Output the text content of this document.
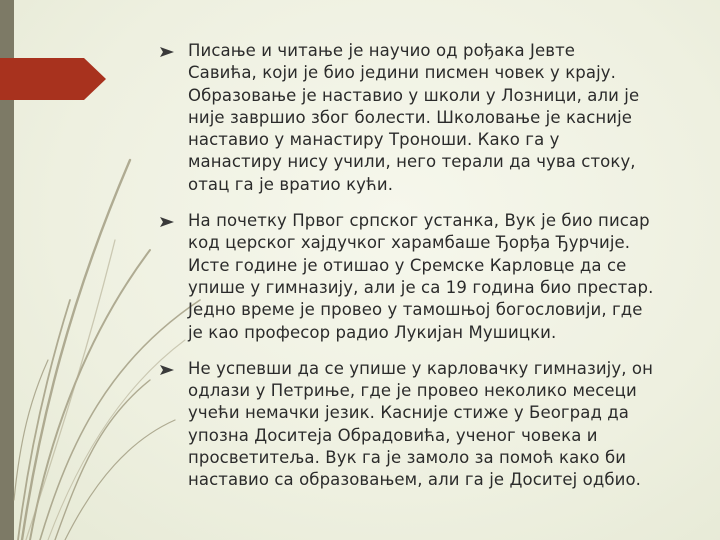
Писање и читање је научио од рођака Јевте
Савића, који је био једини писмен човек у крају.
Образовање је наставио у школи у Лозници, али је
није завршио због болести. Школовање је касније
наставио у манастиру Троноши. Како га у
манастиру нису учили, него терали да чува стоку,
отац га је вратио кући.
На почетку Првог српског устанка, Вук је био писар
код церског хајдучког харамбаше Ђорђа Ђурчије.
Исте године је отишао у Сремске Карловце да се
упише у гимназију, али је са 19 година био престар.
Једно време је провео у тамошњој богословији, где
је као професор радио Лукијан Мушицки.
Не успевши да се упише у карловачку гимназију, он
одлази у Петриње, где је провео неколико месеци
учећи немачки језик. Касније стиже у Београд да
упозна Доситеја Обрадовића, ученог човека и
просветитеља. Вук га је замоло за помоћ како би
наставио са образовањем, али га је Доситеј одбио.
